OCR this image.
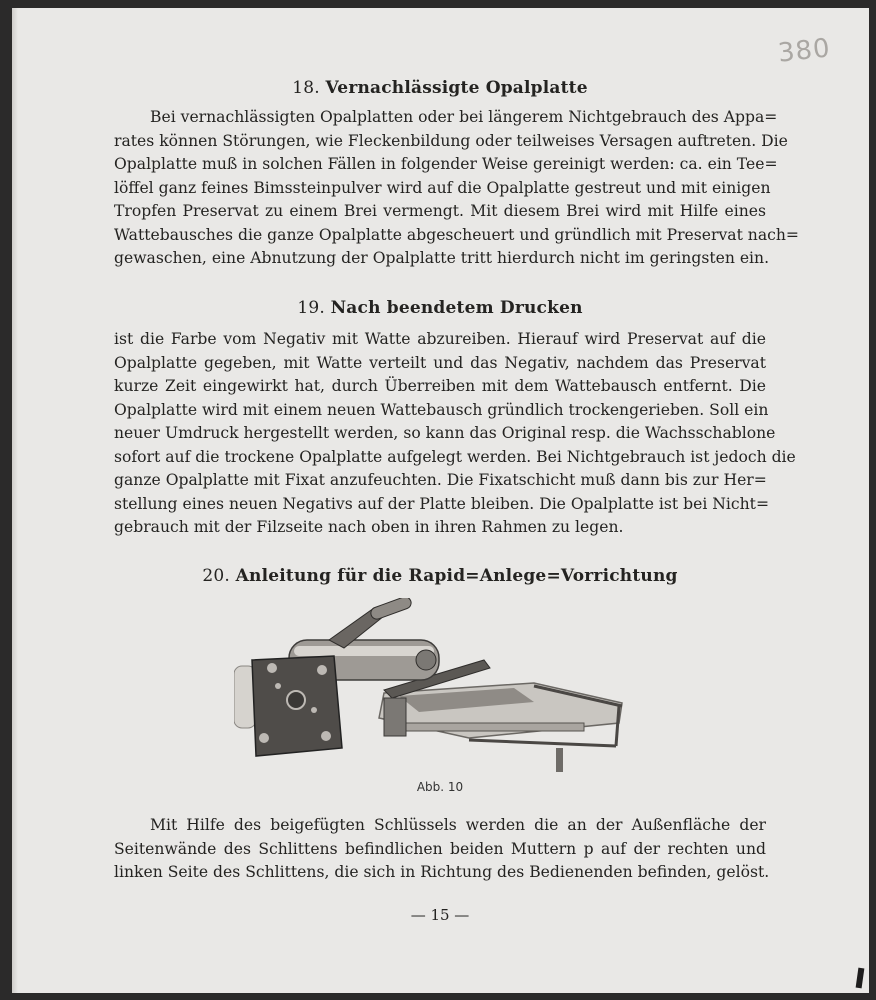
380
18. Vernachlässigte Opalplatte
Bei vernachlässigten Opalplatten oder bei längerem Nichtgebrauch des Appa=
rates können Störungen, wie Fleckenbildung oder teilweises Versagen auftreten. Die
Opalplatte muß in solchen Fällen in folgender Weise gereinigt werden: ca. ein Tee=
löffel ganz feines Bimssteinpulver wird auf die Opalplatte gestreut und mit einigen
Tropfen Preservat zu einem Brei vermengt. Mit diesem Brei wird mit Hilfe eines
Wattebausches die ganze Opalplatte abgescheuert und gründlich mit Preservat nach=
gewaschen, eine Abnutzung der Opalplatte tritt hierdurch nicht im geringsten ein.
19. Nach beendetem Drucken
ist die Farbe vom Negativ mit Watte abzureiben. Hierauf wird Preservat auf die
Opalplatte gegeben, mit Watte verteilt und das Negativ, nachdem das Preservat
kurze Zeit eingewirkt hat, durch Überreiben mit dem Wattebausch entfernt. Die
Opalplatte wird mit einem neuen Wattebausch gründlich trockengerieben. Soll ein
neuer Umdruck hergestellt werden, so kann das Original resp. die Wachsschablone
sofort auf die trockene Opalplatte aufgelegt werden. Bei Nichtgebrauch ist jedoch die
ganze Opalplatte mit Fixat anzufeuchten. Die Fixatschicht muß dann bis zur Her=
stellung eines neuen Negativs auf der Platte bleiben. Die Opalplatte ist bei Nicht=
gebrauch mit der Filzseite nach oben in ihren Rahmen zu legen.
20. Anleitung für die Rapid=Anlege=Vorrichtung
Abb. 10
Mit Hilfe des beigefügten Schlüssels werden die an der Außenfläche der
Seitenwände des Schlittens befindlichen beiden Muttern p auf der rechten und
linken Seite des Schlittens, die sich in Richtung des Bedienenden befinden, gelöst.
— 15 —
